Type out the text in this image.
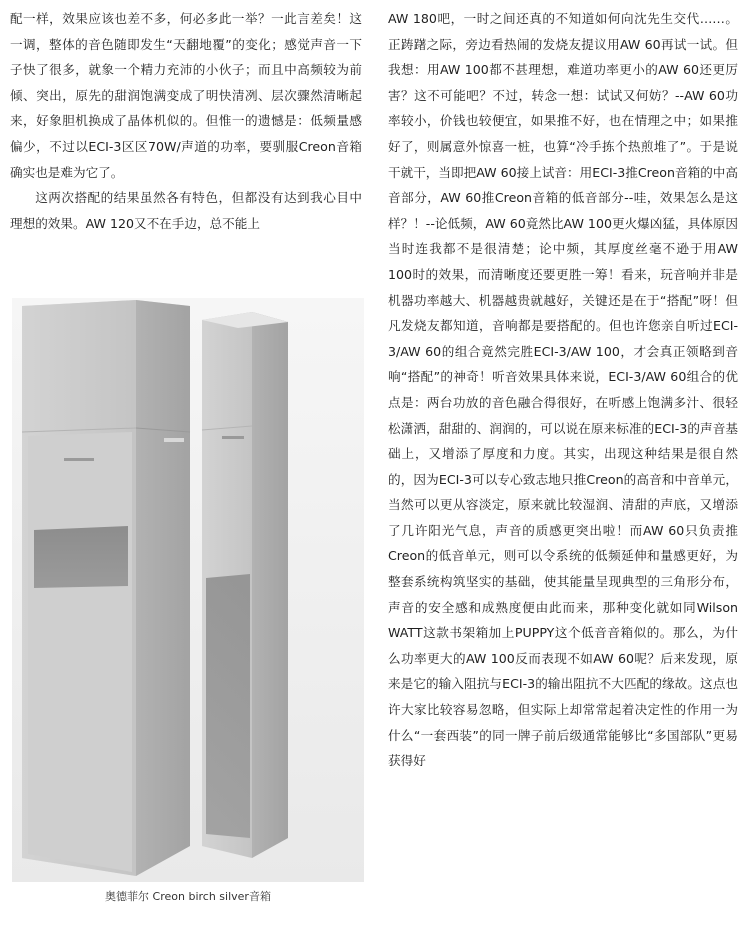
配一样，效果应该也差不多，何必多此一举？一此言差矣！这一调，整体的音色随即发生“天翻地覆”的变化；感觉声音一下子快了很多，就象一个精力充沛的小伙子；而且中高频较为前倾、突出，原先的甜润饱满变成了明快清冽、层次骤然清晰起来，好象胆机换成了晶体机似的。但惟一的遗憾是：低频量感偏少，不过以ECI-3区区70W/声道的功率，要驯服Creon音箱确实也是难为它了。

这两次搭配的结果虽然各有特色，但都没有达到我心目中理想的效果。AW 120又不在手边，总不能上

奥德菲尔 Creon birch silver音箱

AW 180吧，一时之间还真的不知道如何向沈先生交代……。正踌躇之际，旁边看热闹的发烧友提议用AW 60再试一试。但我想：用AW 100都不甚理想，难道功率更小的AW 60还更厉害？这不可能吧？不过，转念一想：试试又何妨？--AW 60功率较小，价钱也较便宜，如果推不好，也在情理之中；如果推好了，则属意外惊喜一桩，也算“冷手拣个热煎堆了”。于是说干就干，当即把AW 60接上试音：用ECI-3推Creon音箱的中高音部分，AW 60推Creon音箱的低音部分--哇，效果怎么是这样？！--论低频，AW 60竟然比AW 100更火爆凶猛，具体原因当时连我都不是很清楚；论中频，其厚度丝毫不逊于用AW 100时的效果，而清晰度还要更胜一筹！看来，玩音响并非是机器功率越大、机器越贵就越好，关键还是在于“搭配”呀！但凡发烧友都知道，音响都是要搭配的。但也许您亲自听过ECI-3/AW 60的组合竟然完胜ECI-3/AW 100，才会真正领略到音响“搭配”的神奇！听音效果具体来说，ECI-3/AW 60组合的优点是：两台功放的音色融合得很好，在听感上饱满多汁、很轻松潇洒，甜甜的、润润的，可以说在原来标准的ECI-3的声音基础上，又增添了厚度和力度。其实，出现这种结果是很自然的，因为ECI-3可以专心致志地只推Creon的高音和中音单元，当然可以更从容淡定，原来就比较湿润、清甜的声底，又增添了几许阳光气息，声音的质感更突出啦！而AW 60只负责推Creon的低音单元，则可以令系统的低频延伸和量感更好，为整套系统构筑坚实的基础，使其能量呈现典型的三角形分布，声音的安全感和成熟度便由此而来，那种变化就如同Wilson WATT这款书架箱加上PUPPY这个低音音箱似的。那么，为什么功率更大的AW 100反而表现不如AW 60呢？后来发现，原来是它的输入阻抗与ECI-3的输出阻抗不大匹配的缘故。这点也许大家比较容易忽略，但实际上却常常起着决定性的作用一为什么“一套西装”的同一牌子前后级通常能够比“多国部队”更易获得好
